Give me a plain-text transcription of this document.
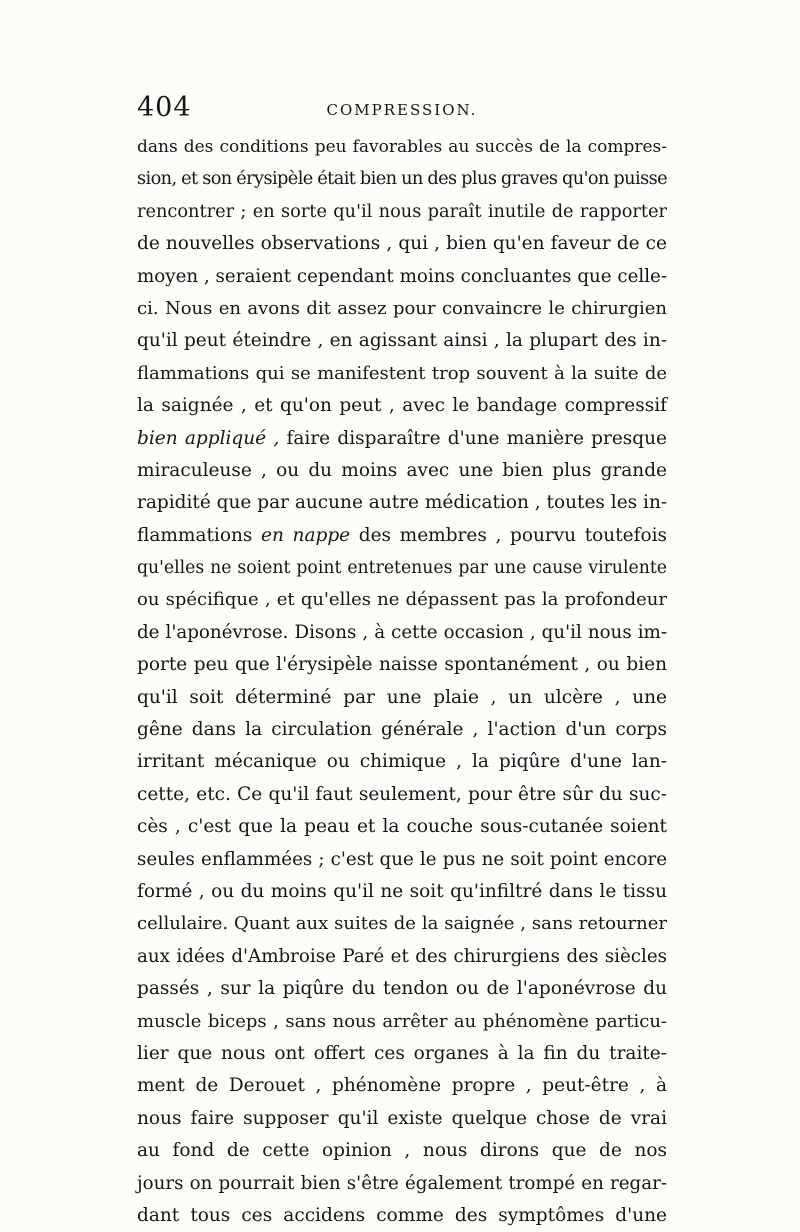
404	COMPRESSION.
dans des conditions peu favorables au succès de la compres-
sion, et son érysipèle était bien un des plus graves qu'on puisse
rencontrer ; en sorte qu'il nous paraît inutile de rapporter
de nouvelles observations , qui , bien qu'en faveur de ce
moyen , seraient cependant moins concluantes que celle-
ci. Nous en avons dit assez pour convaincre le chirurgien
qu'il peut éteindre , en agissant ainsi , la plupart des in-
flammations qui se manifestent trop souvent à la suite de
la saignée , et qu'on peut , avec le bandage compressif
bien appliqué , faire disparaître d'une manière presque
miraculeuse , ou du moins avec une bien plus grande
rapidité que par aucune autre médication , toutes les in-
flammations en nappe des membres , pourvu toutefois
qu'elles ne soient point entretenues par une cause virulente
ou spécifique , et qu'elles ne dépassent pas la profondeur
de l'aponévrose. Disons , à cette occasion , qu'il nous im-
porte peu que l'érysipèle naisse spontanément , ou bien
qu'il soit déterminé par une plaie , un ulcère , une
gêne dans la circulation générale , l'action d'un corps
irritant mécanique ou chimique , la piqûre d'une lan-
cette, etc. Ce qu'il faut seulement, pour être sûr du suc-
cès , c'est que la peau et la couche sous-cutanée soient
seules enflammées ; c'est que le pus ne soit point encore
formé , ou du moins qu'il ne soit qu'infiltré dans le tissu
cellulaire. Quant aux suites de la saignée , sans retourner
aux idées d'Ambroise Paré et des chirurgiens des siècles
passés , sur la piqûre du tendon ou de l'aponévrose du
muscle biceps , sans nous arrêter au phénomène particu-
lier que nous ont offert ces organes à la fin du traite-
ment de Derouet , phénomène propre , peut-être , à
nous faire supposer qu'il existe quelque chose de vrai
au fond de cette opinion , nous dirons que de nos
jours on pourrait bien s'être également trompé en regar-
dant tous ces accidens comme des symptômes d'une
